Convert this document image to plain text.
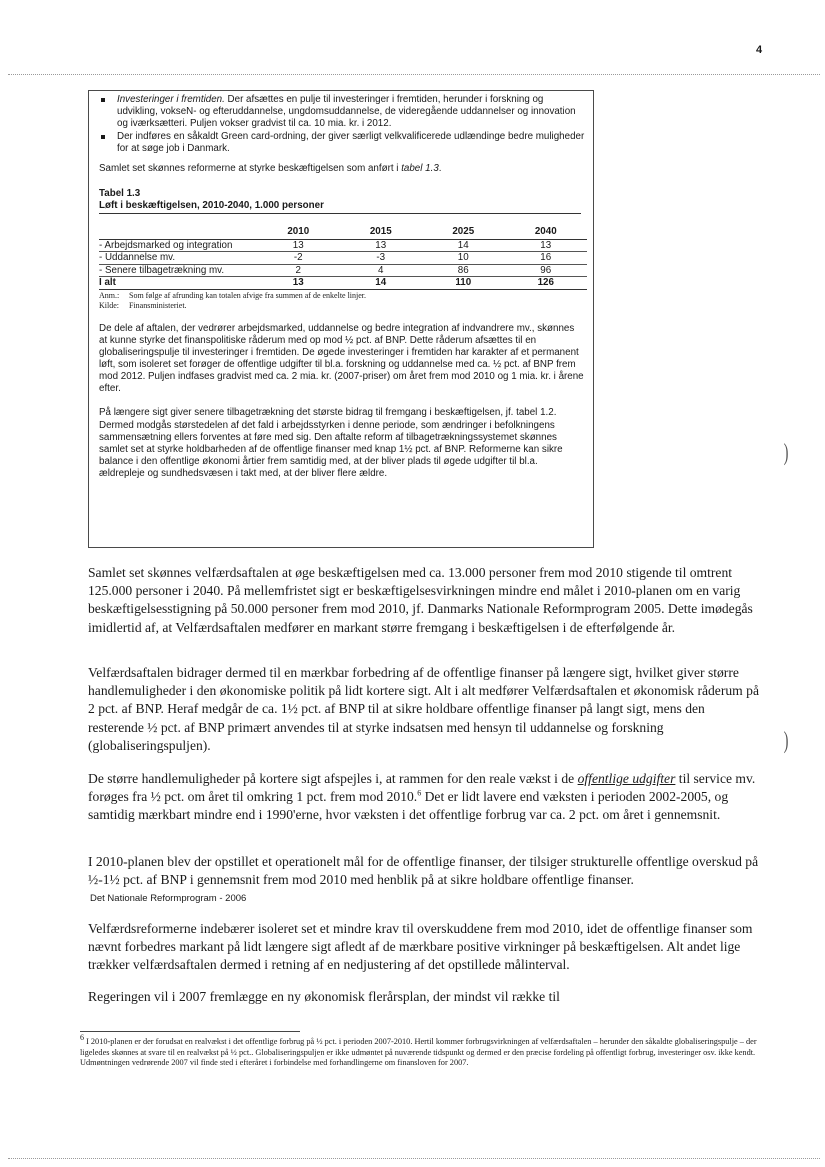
4
Investeringer i fremtiden. Der afsættes en pulje til investeringer i fremtiden, herunder i forskning og udvikling, vokseN- og efteruddannelse, ungdomsuddannelse, de videregående uddannelser og innovation og iværksætteri. Puljen vokser gradvist til ca. 10 mia. kr. i 2012.
Der indføres en såkaldt Green card-ordning, der giver særligt velkvalificerede udlændinge bedre muligheder for at søge job i Danmark.

Samlet set skønnes reformerne at styrke beskæftigelsen som anført i tabel 1.3.

Tabel 1.3
Løft i beskæftigelsen, 2010-2040, 1.000 personer
	2010	2015	2025	2040
- Arbejdsmarked og integration	13	13	14	13
- Uddannelse mv.	-2	-3	10	16
- Senere tilbagetrækning mv.	2	4	86	96
I alt	13	14	110	126
Anm.: Som følge af afrunding kan totalen afvige fra summen af de enkelte linjer.
Kilde: Finansministeriet.

De dele af aftalen, der vedrører arbejdsmarked, uddannelse og bedre integration af indvandrere mv., skønnes at kunne styrke det finanspolitiske råderum med op mod ½ pct. af BNP. Dette råderum afsættes til en globaliseringspulje til investeringer i fremtiden. De øgede investeringer i fremtiden har karakter af et permanent løft, som isoleret set forøger de offentlige udgifter til bl.a. forskning og uddannelse med ca. ½ pct. af BNP frem mod 2012. Puljen indfases gradvist med ca. 2 mia. kr. (2007-priser) om året frem mod 2010 og 1 mia. kr. i årene efter.

På længere sigt giver senere tilbagetrækning det største bidrag til fremgang i beskæftigelsen, jf. tabel 1.2. Dermed modgås størstedelen af det fald i arbejdsstyrken i denne periode, som ændringer i befolkningens sammensætning ellers forventes at føre med sig. Den aftalte reform af tilbagetrækningssystemet skønnes samlet set at styrke holdbarheden af de offentlige finanser med knap 1½ pct. af BNP. Reformerne kan sikre balance i den offentlige økonomi årtier frem samtidig med, at der bliver plads til øgede udgifter til bl.a. ældrepleje og sundhedsvæsen i takt med, at der bliver flere ældre.

Samlet set skønnes velfærdsaftalen at øge beskæftigelsen med ca. 13.000 personer frem mod 2010 stigende til omtrent 125.000 personer i 2040. På mellemfristet sigt er beskæftigelsesvirkningen mindre end målet i 2010-planen om en varig beskæftigelsesstigning på 50.000 personer frem mod 2010, jf. Danmarks Nationale Reformprogram 2005. Dette imødegås imidlertid af, at Velfærdsaftalen medfører en markant større fremgang i beskæftigelsen i de efterfølgende år.

Velfærdsaftalen bidrager dermed til en mærkbar forbedring af de offentlige finanser på længere sigt, hvilket giver større handlemuligheder i den økonomiske politik på lidt kortere sigt. Alt i alt medfører Velfærdsaftalen et økonomisk råderum på 2 pct. af BNP. Heraf medgår de ca. 1½ pct. af BNP til at sikre holdbare offentlige finanser på langt sigt, mens den resterende ½ pct. af BNP primært anvendes til at styrke indsatsen med hensyn til uddannelse og forskning (globaliseringspuljen).

De større handlemuligheder på kortere sigt afspejles i, at rammen for den reale vækst i de offentlige udgifter til service mv. forøges fra ½ pct. om året til omkring 1 pct. frem mod 2010.$^6$ Det er lidt lavere end væksten i perioden 2002-2005, og samtidig mærkbart mindre end i 1990'erne, hvor væksten i det offentlige forbrug var ca. 2 pct. om året i gennemsnit.

I 2010-planen blev der opstillet et operationelt mål for de offentlige finanser, der tilsiger strukturelle offentlige overskud på ½-1½ pct. af BNP i gennemsnit frem mod 2010 med henblik på at sikre holdbare offentlige finanser.

Det Nationale Reformprogram - 2006

Velfærdsreformerne indebærer isoleret set et mindre krav til overskuddene frem mod 2010, idet de offentlige finanser som nævnt forbedres markant på lidt længere sigt afledt af de mærkbare positive virkninger på beskæftigelsen. Alt andet lige trækker velfærdsaftalen dermed i retning af en nedjustering af det opstillede målinterval.

Regeringen vil i 2007 fremlægge en ny økonomisk flerårsplan, der mindst vil række til

6 I 2010-planen er der forudsat en realvækst i det offentlige forbrug på ½ pct. i perioden 2007-2010. Hertil kommer forbrugsvirkningen af velfærdsaftalen – herunder den såkaldte globaliseringspulje – der ligeledes skønnes at svare til en realvækst på ½ pct.. Globaliseringspuljen er ikke udmøntet på nuværende tidspunkt og dermed er den præcise fordeling på offentligt forbrug, investeringer osv. ikke kendt. Udmøntningen vedrørende 2007 vil finde sted i efteråret i forbindelse med forhandlingerne om finansloven for 2007.

)
)
